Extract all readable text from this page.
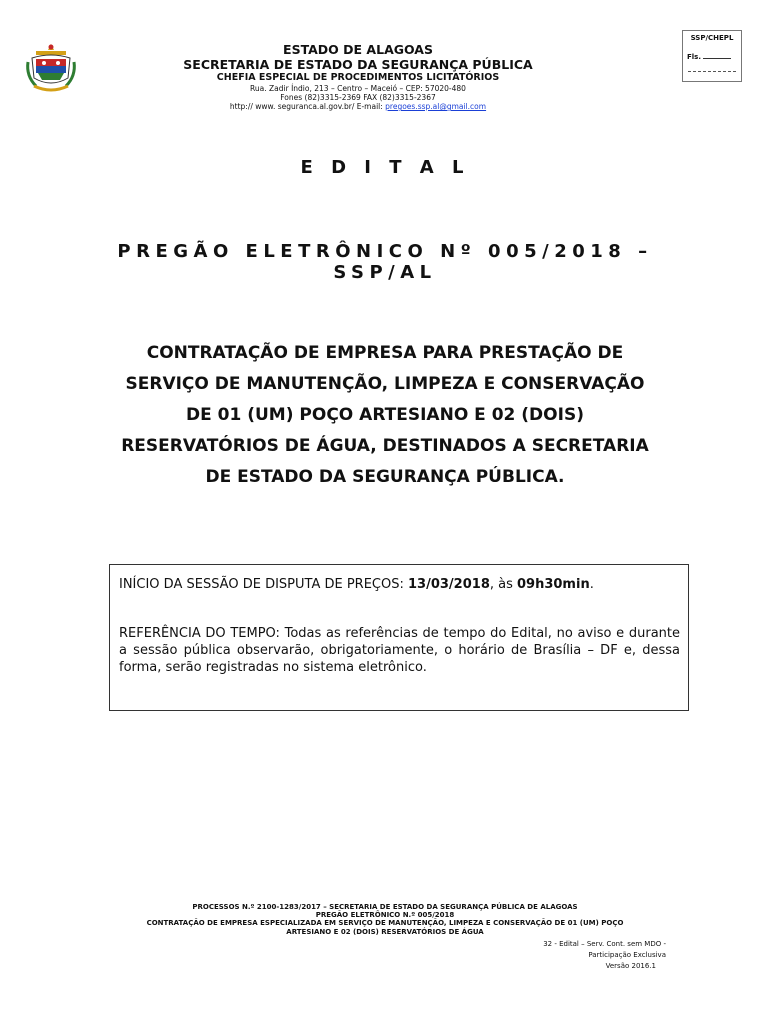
ESTADO DE ALAGOAS
SECRETARIA DE ESTADO DA SEGURANÇA PÚBLICA
CHEFIA ESPECIAL DE PROCEDIMENTOS LICITATÓRIOS
Rua. Zadir Índio, 213 – Centro – Maceió – CEP: 57020-480
Fones (82)3315-2369 FAX (82)3315-2367
http:// www. seguranca.al.gov.br/ E-mail: pregoes.ssp.al@gmail.com
SSP/CHEPL
Fls.
E D I T A L
PREGÃO ELETRÔNICO Nº 005/2018 –
SSP/AL
CONTRATAÇÃO DE EMPRESA PARA PRESTAÇÃO DE
SERVIÇO DE MANUTENÇÃO, LIMPEZA E CONSERVAÇÃO
DE 01 (UM) POÇO ARTESIANO E 02 (DOIS)
RESERVATÓRIOS DE ÁGUA, DESTINADOS A SECRETARIA
DE ESTADO DA SEGURANÇA PÚBLICA.
INÍCIO DA SESSÃO DE DISPUTA DE PREÇOS: 13/03/2018, às 09h30min.
REFERÊNCIA DO TEMPO: Todas as referências de tempo do Edital, no aviso e durante a sessão pública observarão, obrigatoriamente, o horário de Brasília – DF e, dessa forma, serão registradas no sistema eletrônico.
PROCESSOS N.º 2100-1283/2017 – SECRETARIA DE ESTADO DA SEGURANÇA PÚBLICA DE ALAGOAS
PREGÃO ELETRÔNICO N.º 005/2018
CONTRATAÇÃO DE EMPRESA ESPECIALIZADA EM SERVIÇO DE MANUTENÇÃO, LIMPEZA E CONSERVAÇÃO DE 01 (UM) POÇO
ARTESIANO E 02 (DOIS) RESERVATÓRIOS DE ÁGUA
32 - Edital – Serv. Cont. sem MDO -
Participação Exclusiva
Versão 2016.1
